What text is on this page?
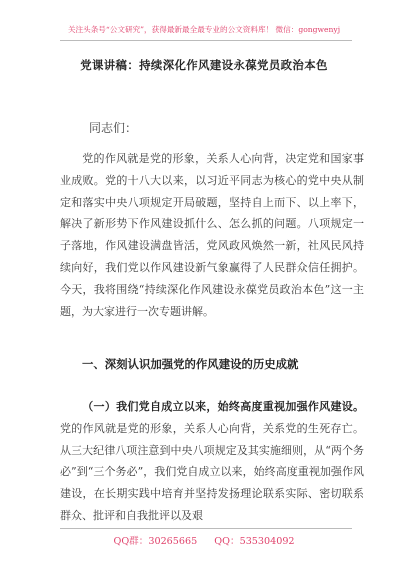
关注头条号“公文研究”，获得最新最全最专业的公文资料库！ 微信：gongwenyj
党课讲稿：持续深化作风建设永葆党员政治本色
同志们：
党的作风就是党的形象，关系人心向背，决定党和国家事业成败。党的十八大以来，以习近平同志为核心的党中央从制定和落实中央八项规定开局破题，坚持自上而下、以上率下，解决了新形势下作风建设抓什么、怎么抓的问题。八项规定一子落地，作风建设满盘皆活，党风政风焕然一新，社风民风持续向好，我们党以作风建设新气象赢得了人民群众信任拥护。今天，我将围绕“持续深化作风建设永葆党员政治本色”这一主题，为大家进行一次专题讲解。
一、深刻认识加强党的作风建设的历史成就
（一）我们党自成立以来，始终高度重视加强作风建设。党的作风就是党的形象，关系人心向背，关系党的生死存亡。从三大纪律八项注意到中央八项规定及其实施细则，从“两个务必”到“三个务必”，我们党自成立以来，始终高度重视加强作风建设，在长期实践中培育并坚持发扬理论联系实际、密切联系群众、批评和自我批评以及艰
QQ群：30265665 QQ：535304092
